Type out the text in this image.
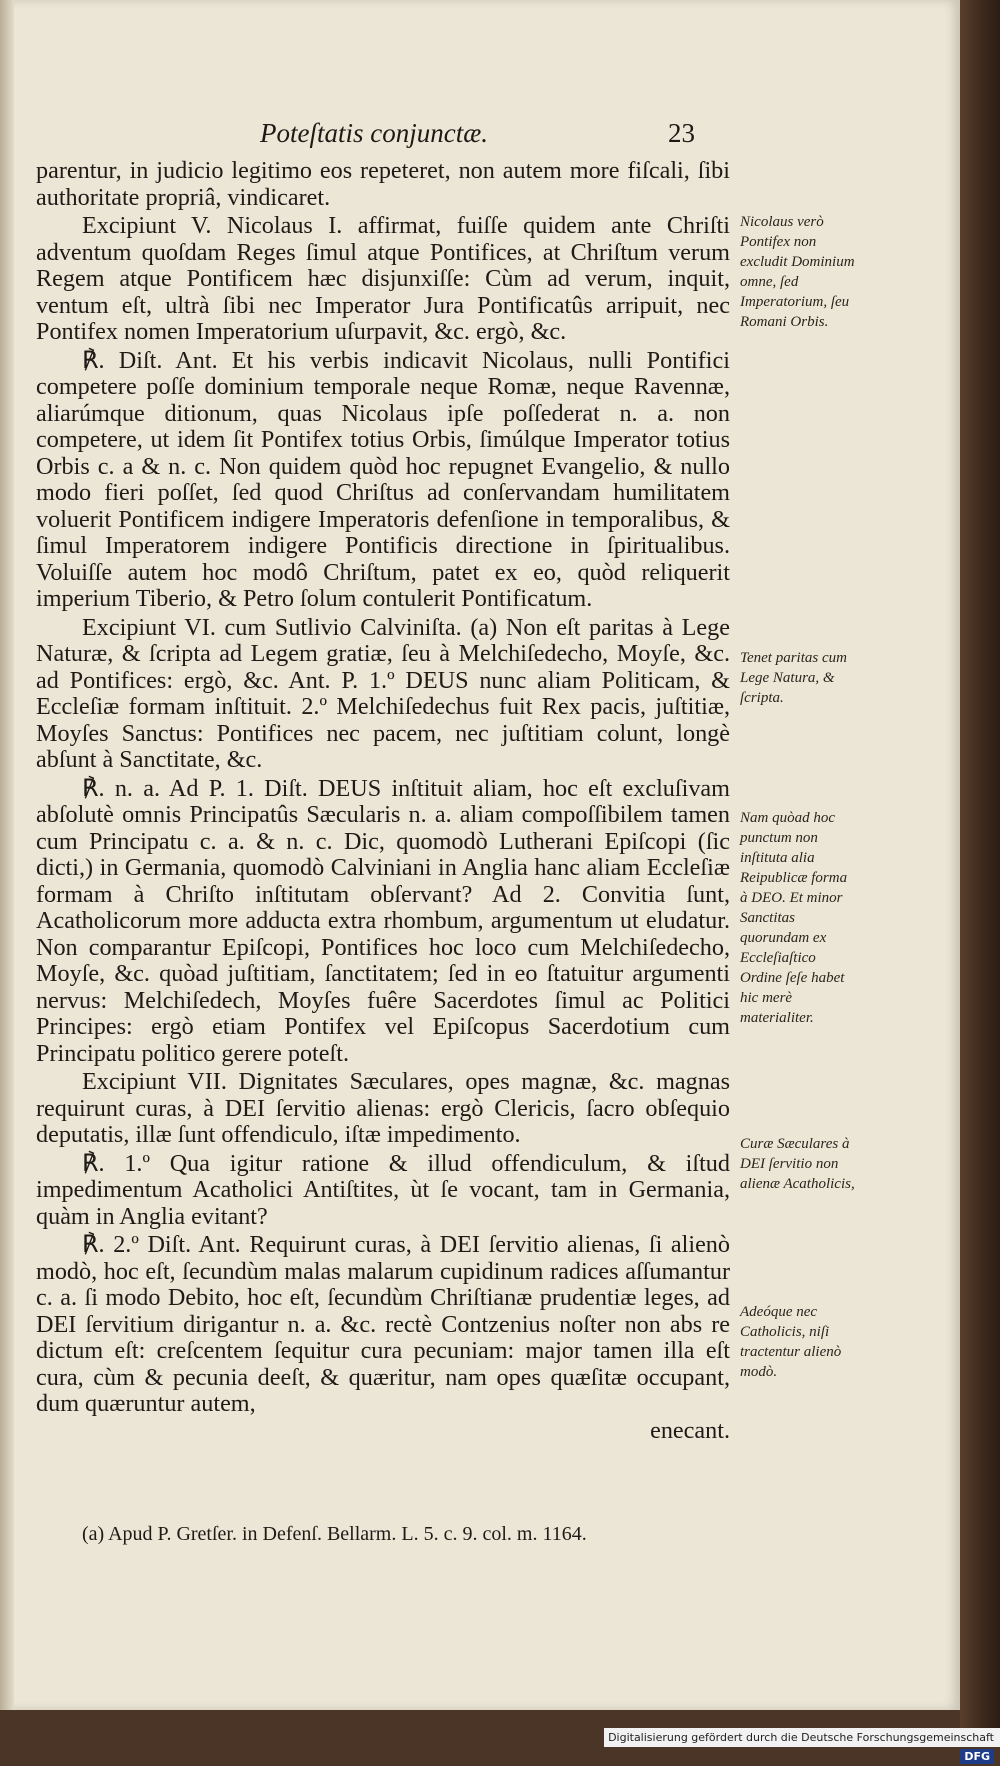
Poteſtatis conjunctæ.	23

parentur, in judicio legitimo eos repeteret, non autem more fiſcali, ſibi authoritate propriâ, vindicaret.

Excipiunt V. Nicolaus I. affirmat, fuiſſe quidem ante Chriſti adventum quoſdam Reges ſimul atque Pontifices, at Chriſtum verum Regem atque Pontificem hæc disjunxiſſe: Cùm ad verum, inquit, ventum eſt, ultrà ſibi nec Imperator Jura Pontificatûs arripuit, nec Pontifex nomen Imperatorium uſurpavit, &c. ergò, &c.

℟. Diſt. Ant. Et his verbis indicavit Nicolaus, nulli Pontifici competere poſſe dominium temporale neque Romæ, neque Ravennæ, aliarúmque ditionum, quas Nicolaus ipſe poſſederat n. a. non competere, ut idem ſit Pontifex totius Orbis, ſimúlque Imperator totius Orbis c. a & n. c. Non quidem quòd hoc repugnet Evangelio, & nullo modo fieri poſſet, ſed quod Chriſtus ad conſervandam humilitatem voluerit Pontificem indigere Imperatoris defenſione in temporalibus, & ſimul Imperatorem indigere Pontificis directione in ſpiritualibus. Voluiſſe autem hoc modô Chriſtum, patet ex eo, quòd reliquerit imperium Tiberio, & Petro ſolum contulerit Pontificatum.

Excipiunt VI. cum Sutlivio Calviniſta. (a) Non eſt paritas à Lege Naturæ, & ſcripta ad Legem gratiæ, ſeu à Melchiſedecho, Moyſe, &c. ad Pontifices: ergò, &c. Ant. P. 1.º DEUS nunc aliam Politicam, & Eccleſiæ formam inſtituit. 2.º Melchiſedechus fuit Rex pacis, juſtitiæ, Moyſes Sanctus: Pontifices nec pacem, nec juſtitiam colunt, longè abſunt à Sanctitate, &c.

℟. n. a. Ad P. 1. Diſt. DEUS inſtituit aliam, hoc eſt excluſivam abſolutè omnis Principatûs Sæcularis n. a. aliam compoſſibilem tamen cum Principatu c. a. & n. c. Dic, quomodò Lutherani Epiſcopi (ſic dicti,) in Germania, quomodò Calviniani in Anglia hanc aliam Eccleſiæ formam à Chriſto inſtitutam obſervant? Ad 2. Convitia ſunt, Acatholicorum more adducta extra rhombum, argumentum ut eludatur. Non comparantur Epiſcopi, Pontifices hoc loco cum Melchiſedecho, Moyſe, &c. quòad juſtitiam, ſanctitatem; ſed in eo ſtatuitur argumenti nervus: Melchiſedech, Moyſes fuêre Sacerdotes ſimul ac Politici Principes: ergò etiam Pontifex vel Epiſcopus Sacerdotium cum Principatu politico gerere poteſt.

Excipiunt VII. Dignitates Sæculares, opes magnæ, &c. magnas requirunt curas, à DEI ſervitio alienas: ergò Clericis, ſacro obſequio deputatis, illæ ſunt offendiculo, iſtæ impedimento.

℟. 1.º Qua igitur ratione & illud offendiculum, & iſtud impedimentum Acatholici Antiſtites, ùt ſe vocant, tam in Germania, quàm in Anglia evitant?

℟. 2.º Diſt. Ant. Requirunt curas, à DEI ſervitio alienas, ſi alienò modò, hoc eſt, ſecundùm malas malarum cupidinum radices aſſumantur c. a. ſi modo Debito, hoc eſt, ſecundùm Chriſtianæ prudentiæ leges, ad DEI ſervitium dirigantur n. a. &c. rectè Contzenius noſter non abs re dictum eſt: creſcentem ſequitur cura pecuniam: major tamen illa eſt cura, cùm & pecunia deeſt, & quæritur, nam opes quæſitæ occupant, dum quæruntur autem,

enecant.

Nicolaus verò Pontifex non excludit Dominium omne, ſed Imperatorium, ſeu Romani Orbis.
Tenet paritas cum Lege Natura, & ſcripta.
Nam quòad hoc punctum non inſtituta alia Reipublicæ forma à DEO. Et minor Sanctitas quorundam ex Eccleſiaſtico Ordine ſeſe habet hic merè materialiter.
Curæ Sæculares à DEI ſervitio non alienæ Acatholicis,
Adeóque nec Catholicis, niſi tractentur alienò modò.
(a) Apud P. Gretſer. in Defenſ. Bellarm. L. 5. c. 9. col. m. 1164.
Digitalisierung gefördert durch die Deutsche Forschungsgemeinschaft DFG
